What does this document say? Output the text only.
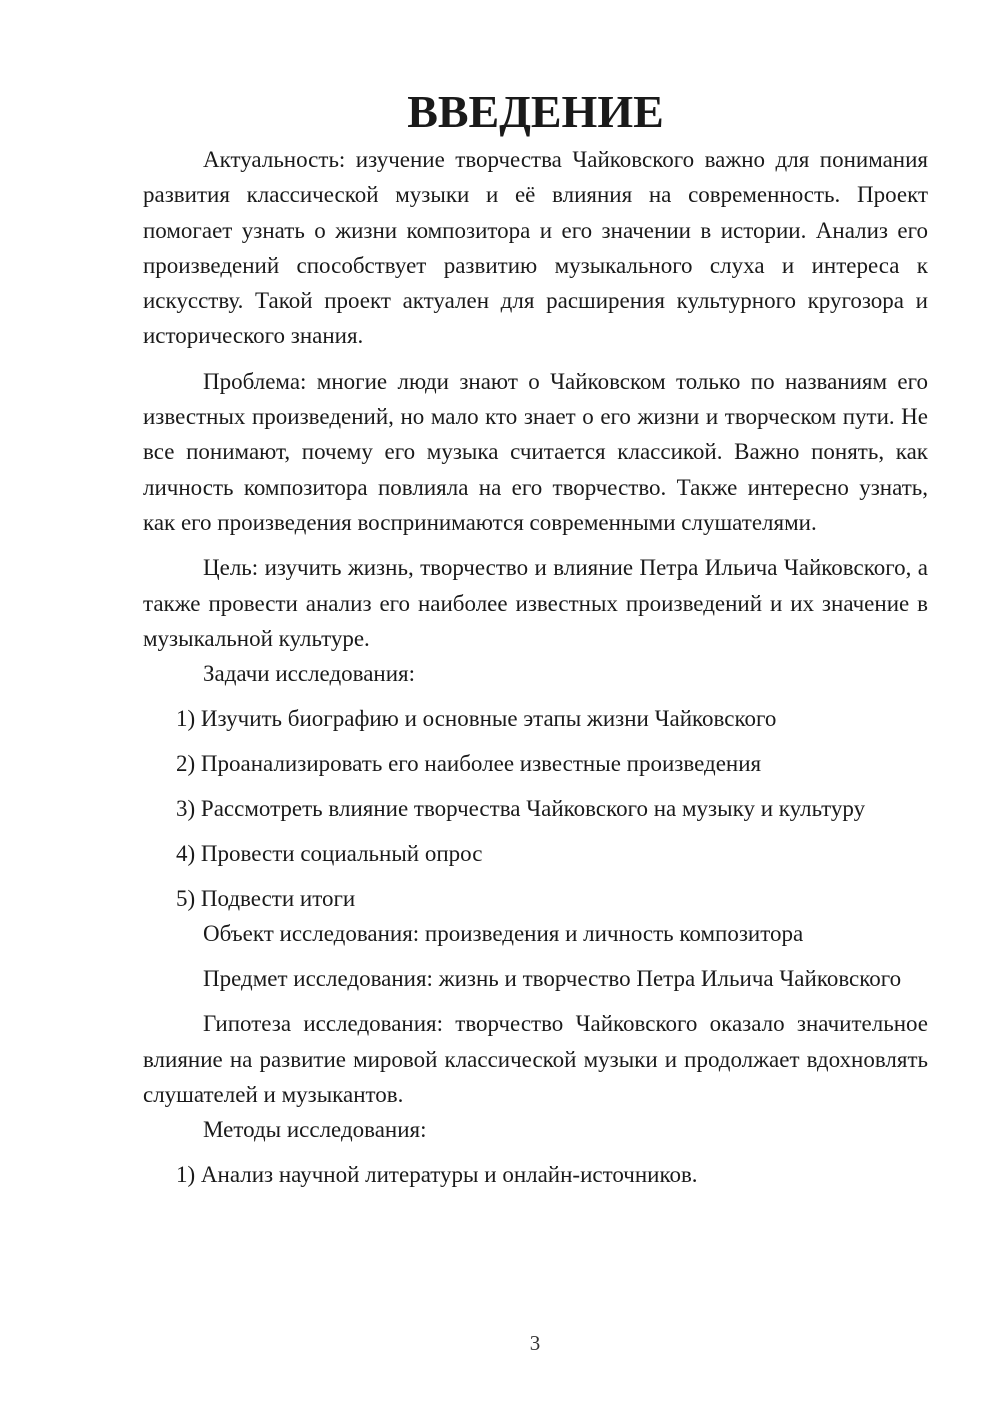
ВВЕДЕНИЕ

Актуальность: изучение творчества Чайковского важно для понимания развития классической музыки и её влияния на современность. Проект помогает узнать о жизни композитора и его значении в истории. Анализ его произведений способствует развитию музыкального слуха и интереса к искусству. Такой проект актуален для расширения культурного кругозора и исторического знания.

Проблема: многие люди знают о Чайковском только по названиям его известных произведений, но мало кто знает о его жизни и творческом пути. Не все понимают, почему его музыка считается классикой. Важно понять, как личность композитора повлияла на его творчество. Также интересно узнать, как его произведения воспринимаются современными слушателями.

Цель: изучить жизнь, творчество и влияние Петра Ильича Чайковского, а также провести анализ его наиболее известных произведений и их значение в музыкальной культуре.

Задачи исследования:

1) Изучить биографию и основные этапы жизни Чайковского

2) Проанализировать его наиболее известные произведения

3) Рассмотреть влияние творчества Чайковского на музыку и культуру

4) Провести социальный опрос

5) Подвести итоги

Объект исследования: произведения и личность композитора

Предмет исследования: жизнь и творчество Петра Ильича Чайковского

Гипотеза исследования: творчество Чайковского оказало значительное влияние на развитие мировой классической музыки и продолжает вдохновлять слушателей и музыкантов.

Методы исследования:

1) Анализ научной литературы и онлайн-источников.

3
